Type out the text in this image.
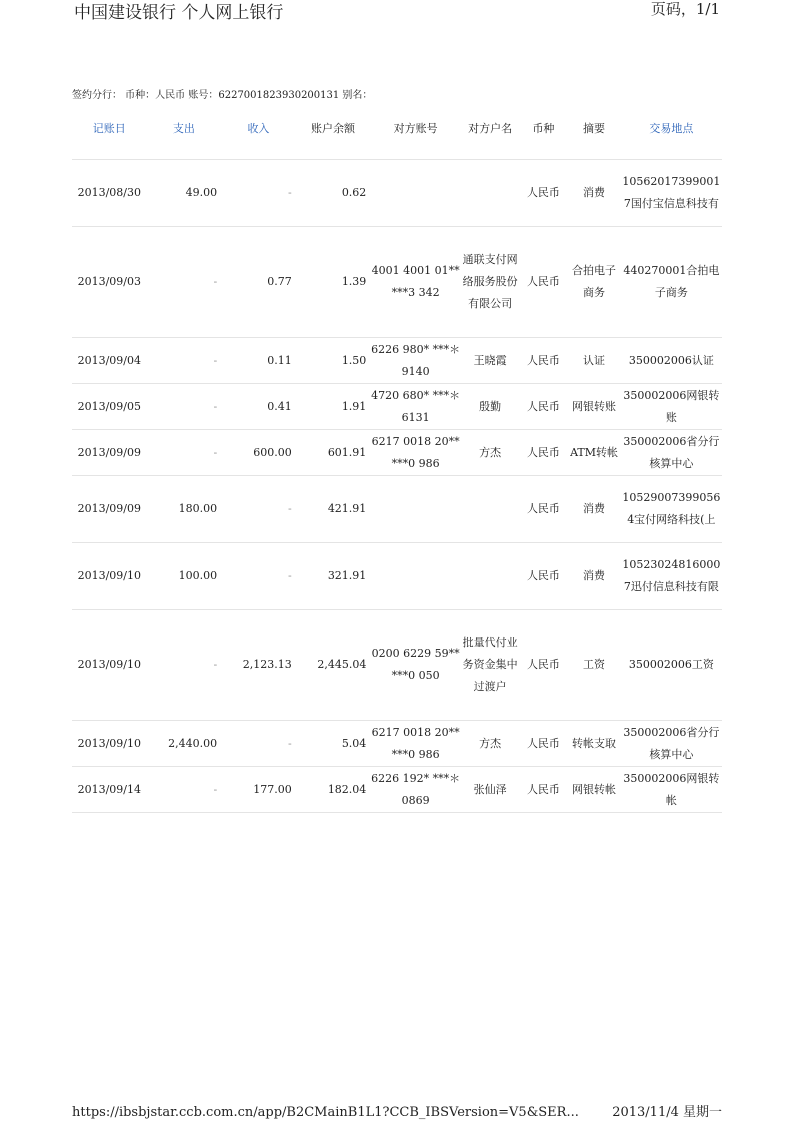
中国建设银行 个人网上银行	页码，1/1
签约分行： 币种：人民币 账号：6227001823930200131 别名：
记账日	支出	收入	账户余额	对方账号	对方户名	币种	摘要	交易地点
2013/08/30	49.00	-	0.62			人民币	消费	105620173990017国付宝信息科技有
2013/09/03	-	0.77	1.39	4001 4001 01** ***3 342	通联支付网络服务股份有限公司	人民币	合拍电子商务	440270001合拍电子商务
2013/09/04	-	0.11	1.50	6226 980* ***＊9140	王晓霞	人民币	认证	350002006认证
2013/09/05	-	0.41	1.91	4720 680* ***＊6131	殷勤	人民币	网银转账	350002006网银转账
2013/09/09	-	600.00	601.91	6217 0018 20** ***0 986	方杰	人民币	ATM转帐	350002006省分行核算中心
2013/09/09	180.00	-	421.91			人民币	消费	105290073990564宝付网络科技(上
2013/09/10	100.00	-	321.91			人民币	消费	105230248160007迅付信息科技有限
2013/09/10	-	2,123.13	2,445.04	0200 6229 59** ***0 050	批量代付业务资金集中过渡户	人民币	工资	350002006工资
2013/09/10	2,440.00	-	5.04	6217 0018 20** ***0 986	方杰	人民币	转帐支取	350002006省分行核算中心
2013/09/14	-	177.00	182.04	6226 192* ***＊0869	张仙泽	人民币	网银转帐	350002006网银转帐
https://ibsbjstar.ccb.com.cn/app/B2CMainB1L1?CCB_IBSVersion=V5&SER...	2013/11/4 星期一
